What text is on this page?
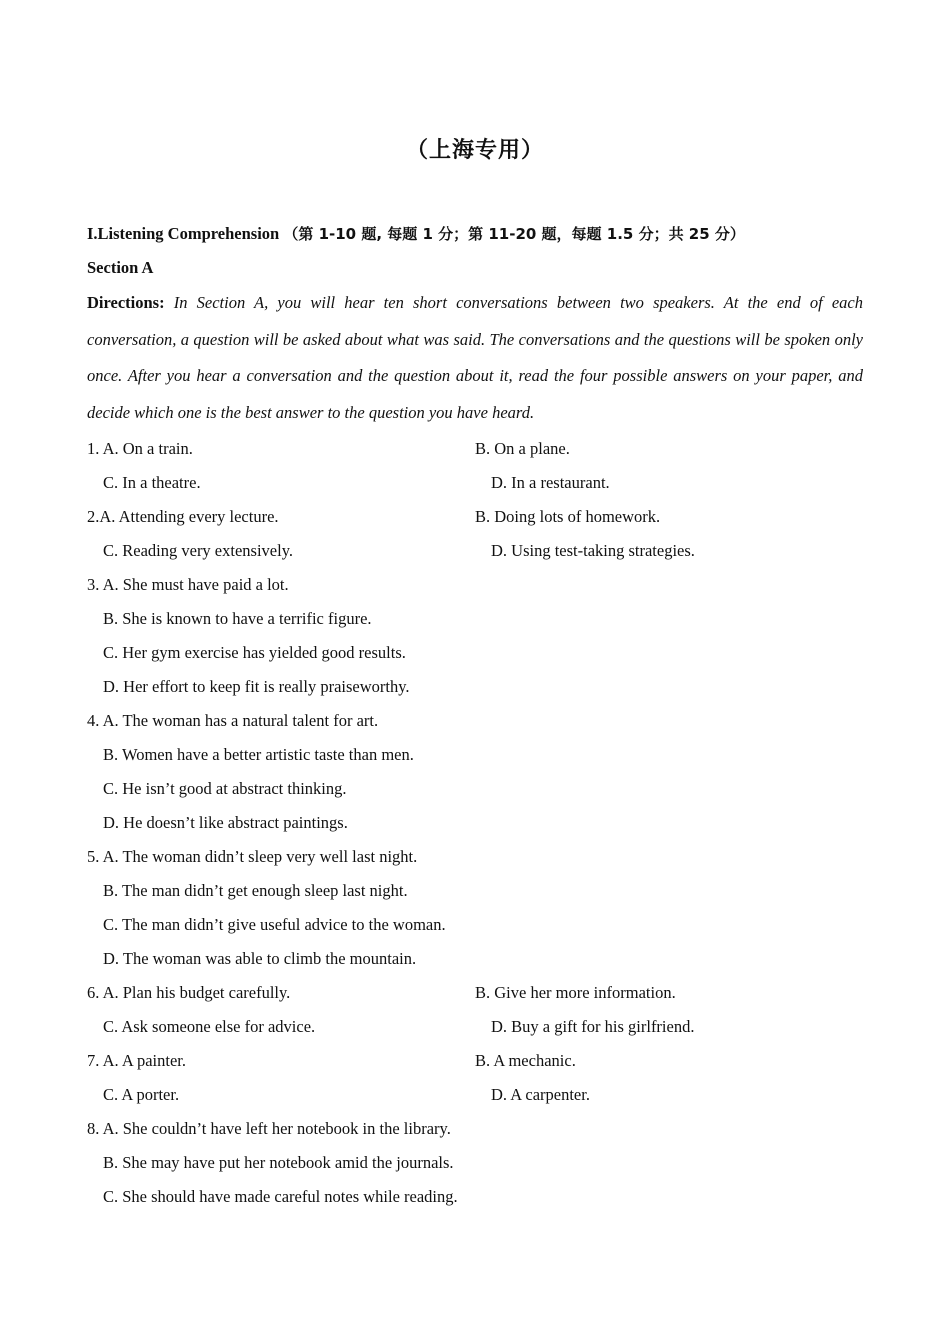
（上海专用）
I.Listening Comprehension （第 1-10 题, 每题 1 分；第 11-20 题，每题 1.5 分；共 25 分）
Section A
Directions: In Section A, you will hear ten short conversations between two speakers. At the end of each conversation, a question will be asked about what was said. The conversations and the questions will be spoken only once. After you hear a conversation and the question about it, read the four possible answers on your paper, and decide which one is the best answer to the question you have heard.
1. A. On a train.	B. On a plane.
C. In a theatre.	D. In a restaurant.
2.A. Attending every lecture.	B. Doing lots of homework.
C. Reading very extensively.	D. Using test-taking strategies.
3. A. She must have paid a lot.
B. She is known to have a terrific figure.
C. Her gym exercise has yielded good results.
D. Her effort to keep fit is really praiseworthy.
4. A. The woman has a natural talent for art.
B. Women have a better artistic taste than men.
C. He isn’t good at abstract thinking.
D. He doesn’t like abstract paintings.
5. A. The woman didn’t sleep very well last night.
B. The man didn’t get enough sleep last night.
C. The man didn’t give useful advice to the woman.
D. The woman was able to climb the mountain.
6. A. Plan his budget carefully.	B. Give her more information.
C. Ask someone else for advice.	D. Buy a gift for his girlfriend.
7. A. A painter.	B. A mechanic.
C. A porter.	D. A carpenter.
8. A. She couldn’t have left her notebook in the library.
B. She may have put her notebook amid the journals.
C. She should have made careful notes while reading.
